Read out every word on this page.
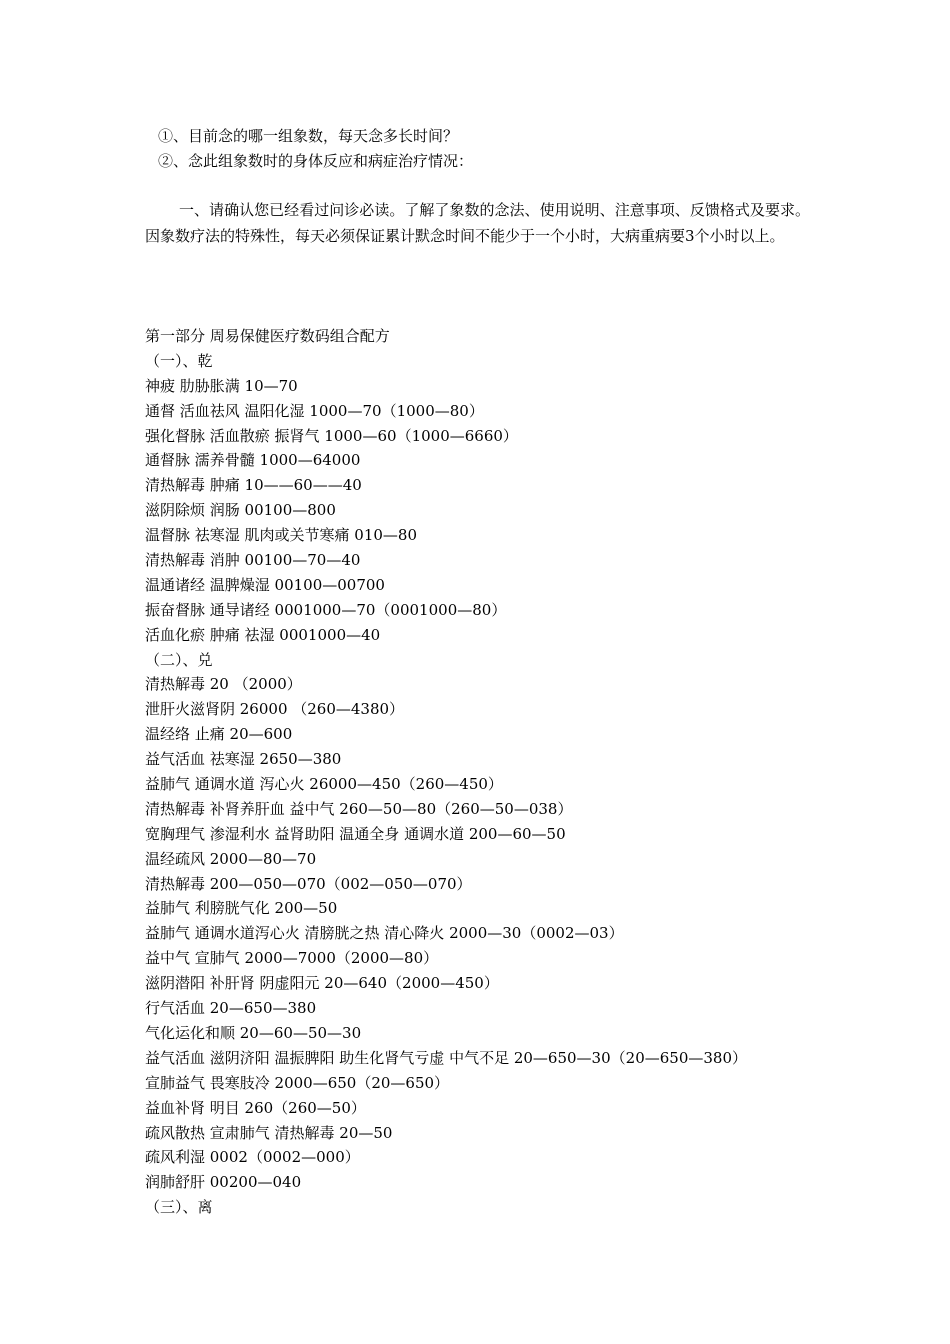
①、目前念的哪一组象数，每天念多长时间？
②、念此组象数时的身体反应和病症治疗情况：
一、请确认您已经看过问诊必读。了解了象数的念法、使用说明、注意事项、反馈格式及要求。因象数疗法的特殊性，每天必须保证累计默念时间不能少于一个小时，大病重病要3个小时以上。
第一部分 周易保健医疗数码组合配方
（一）、乾
神疲 肋胁胀满 10—70
通督 活血祛风 温阳化湿 1000—70（1000—80）
强化督脉 活血散瘀 振肾气 1000—60（1000—6660）
通督脉 濡养骨髓 1000—64000
清热解毒 肿痛 10——60——40
滋阴除烦 润肠 00100—800
温督脉 祛寒湿 肌肉或关节寒痛 010—80
清热解毒 消肿 00100—70—40
温通诸经 温脾燥湿 00100—00700
振奋督脉 通导诸经 0001000—70（0001000—80）
活血化瘀 肿痛 祛湿 0001000—40
（二）、兑
清热解毒 20 （2000）
泄肝火滋肾阴 26000 （260—4380）
温经络 止痛 20—600
益气活血 祛寒湿 2650—380
益肺气 通调水道 泻心火 26000—450（260—450）
清热解毒 补肾养肝血 益中气 260—50—80（260—50—038）
宽胸理气 渗湿利水 益肾助阳 温通全身 通调水道 200—60—50
温经疏风 2000—80—70
清热解毒 200—050—070（002—050—070）
益肺气 利膀胱气化 200—50
益肺气 通调水道泻心火 清膀胱之热 清心降火 2000—30（0002—03）
益中气 宣肺气 2000—7000（2000—80）
滋阴潜阳 补肝肾 阴虚阳元 20—640（2000—450）
行气活血 20—650—380
气化运化和顺 20—60—50—30
益气活血 滋阴济阳 温振脾阳 助生化肾气亏虚 中气不足 20—650—30（20—650—380）
宣肺益气 畏寒肢冷 2000—650（20—650）
益血补肾 明目 260（260—50）
疏风散热 宣肃肺气 清热解毒 20—50
疏风利湿 0002（0002—000）
润肺舒肝 00200—040
（三）、离
